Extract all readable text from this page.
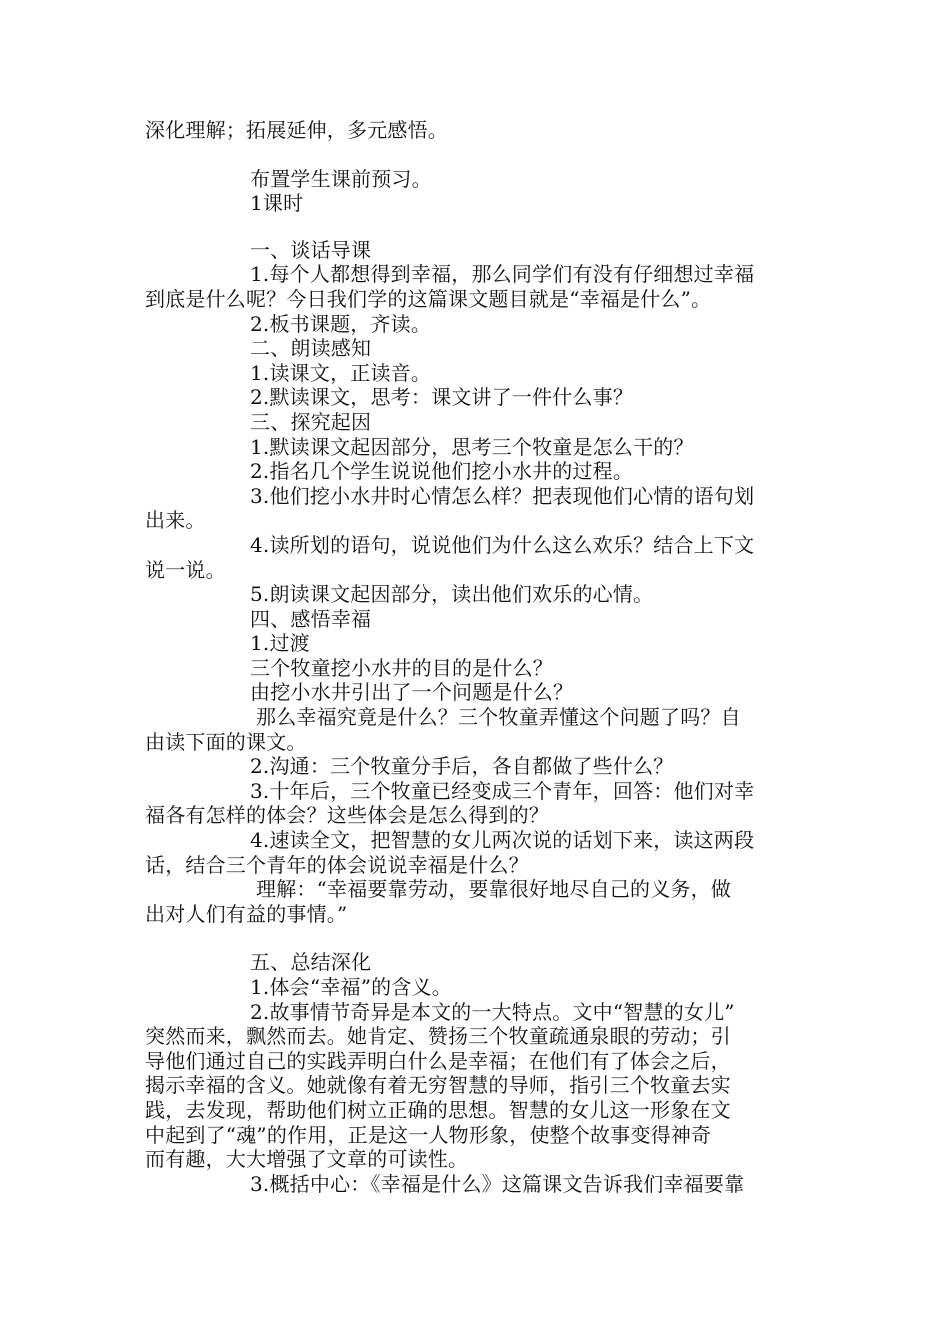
深化理解；拓展延伸，多元感悟。
布置学生课前预习。
1课时
一、谈话导课
1.每个人都想得到幸福，那么同学们有没有仔细想过幸福
到底是什么呢？今日我们学的这篇课文题目就是“幸福是什么”。
2.板书课题，齐读。
二、朗读感知
1.读课文，正读音。
2.默读课文，思考：课文讲了一件什么事？
三、探究起因
1.默读课文起因部分，思考三个牧童是怎么干的？
2.指名几个学生说说他们挖小水井的过程。
3.他们挖小水井时心情怎么样？把表现他们心情的语句划
出来。
4.读所划的语句，说说他们为什么这么欢乐？结合上下文
说一说。
5.朗读课文起因部分，读出他们欢乐的心情。
四、感悟幸福
1.过渡
三个牧童挖小水井的目的是什么？
由挖小水井引出了一个问题是什么？
那么幸福究竟是什么？三个牧童弄懂这个问题了吗？自
由读下面的课文。
2.沟通：三个牧童分手后，各自都做了些什么？
3.十年后，三个牧童已经变成三个青年，回答：他们对幸
福各有怎样的体会？这些体会是怎么得到的？
4.速读全文，把智慧的女儿两次说的话划下来，读这两段
话，结合三个青年的体会说说幸福是什么？
理解：“幸福要靠劳动，要靠很好地尽自己的义务，做
出对人们有益的事情。”
五、总结深化
1.体会“幸福”的含义。
2.故事情节奇异是本文的一大特点。文中“智慧的女儿”
突然而来，飘然而去。她肯定、赞扬三个牧童疏通泉眼的劳动；引
导他们通过自己的实践弄明白什么是幸福；在他们有了体会之后，
揭示幸福的含义。她就像有着无穷智慧的导师，指引三个牧童去实
践，去发现，帮助他们树立正确的思想。智慧的女儿这一形象在文
中起到了“魂”的作用，正是这一人物形象，使整个故事变得神奇
而有趣，大大增强了文章的可读性。
3.概括中心：《幸福是什么》这篇课文告诉我们幸福要靠
